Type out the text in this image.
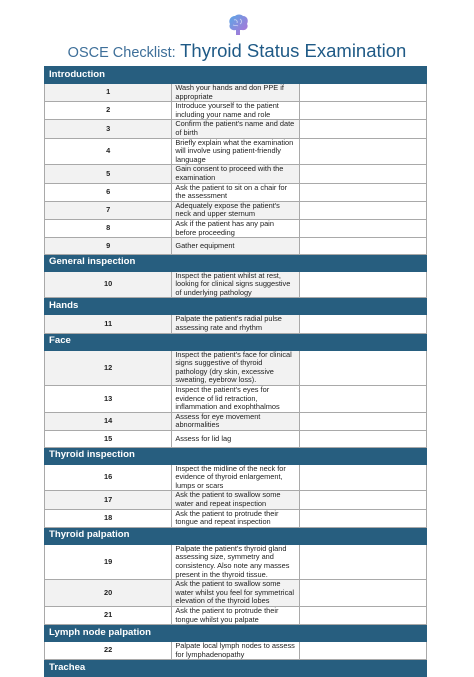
OSCE Checklist: Thyroid Status Examination
Introduction		
1	Wash your hands and don PPE if appropriate	
2	Introduce yourself to the patient including your name and role	
3	Confirm the patient's name and date of birth	
4	Briefly explain what the examination will involve using patient-friendly language	
5	Gain consent to proceed with the examination	
6	Ask the patient to sit on a chair for the assessment	
7	Adequately expose the patient's neck and upper sternum	
8	Ask if the patient has any pain before proceeding	
9	Gather equipment	
General inspection		
10	Inspect the patient whilst at rest, looking for clinical signs suggestive of underlying pathology	
Hands		
11	Palpate the patient's radial pulse assessing rate and rhythm	
Face		
12	Inspect the patient's face for clinical signs suggestive of thyroid pathology (dry skin, excessive sweating, eyebrow loss).	
13	Inspect the patient's eyes for evidence of lid retraction, inflammation and exophthalmos	
14	Assess for eye movement abnormalities	
15	Assess for lid lag	
Thyroid inspection		
16	Inspect the midline of the neck for evidence of thyroid enlargement, lumps or scars	
17	Ask the patient to swallow some water and repeat inspection	
18	Ask the patient to protrude their tongue and repeat inspection	
Thyroid palpation		
19	Palpate the patient's thyroid gland assessing size, symmetry and consistency. Also note any masses present in the thyroid tissue.	
20	Ask the patient to swallow some water whilst you feel for symmetrical elevation of the thyroid lobes	
21	Ask the patient to protrude their tongue whilst you palpate	
Lymph node palpation		
22	Palpate local lymph nodes to assess for lymphadenopathy	
Trachea		
